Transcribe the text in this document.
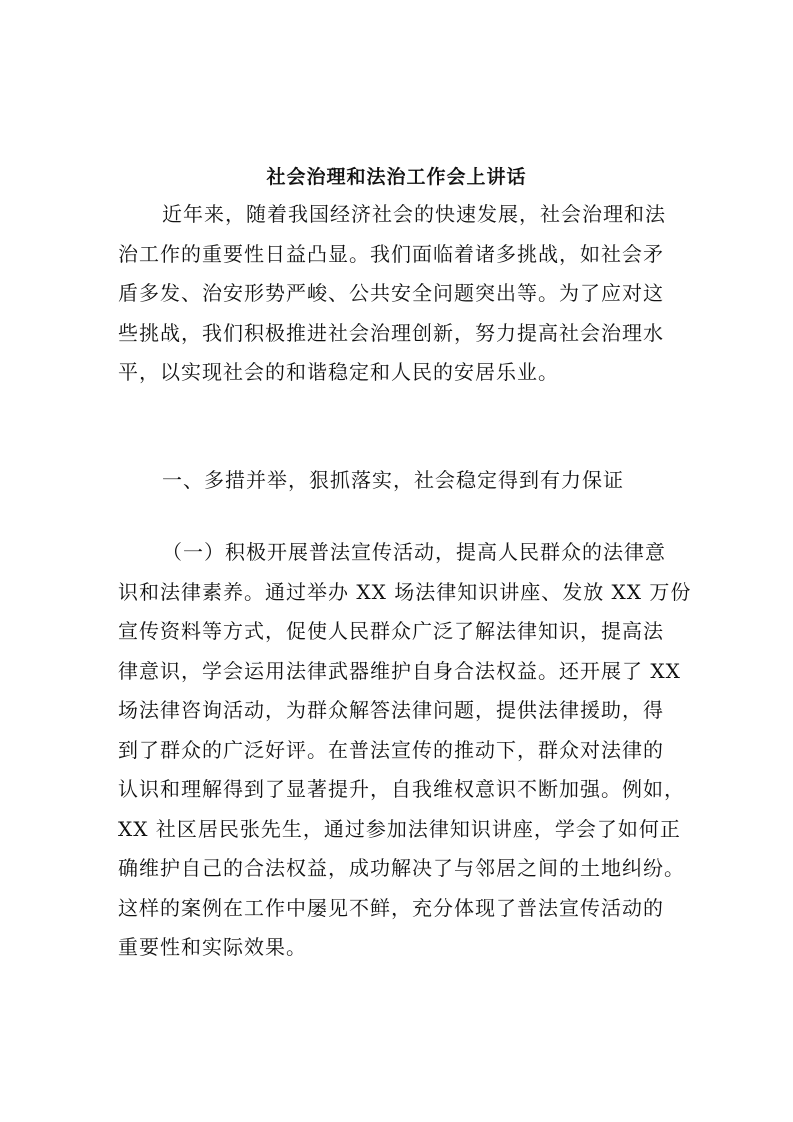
社会治理和法治工作会上讲话
近年来，随着我国经济社会的快速发展，社会治理和法
治工作的重要性日益凸显。我们面临着诸多挑战，如社会矛
盾多发、治安形势严峻、公共安全问题突出等。为了应对这
些挑战，我们积极推进社会治理创新，努力提高社会治理水
平，以实现社会的和谐稳定和人民的安居乐业。
一、多措并举，狠抓落实，社会稳定得到有力保证
（一）积极开展普法宣传活动，提高人民群众的法律意
识和法律素养。通过举办 XX 场法律知识讲座、发放 XX 万份
宣传资料等方式，促使人民群众广泛了解法律知识，提高法
律意识，学会运用法律武器维护自身合法权益。还开展了 XX
场法律咨询活动，为群众解答法律问题，提供法律援助，得
到了群众的广泛好评。在普法宣传的推动下，群众对法律的
认识和理解得到了显著提升，自我维权意识不断加强。例如，
XX 社区居民张先生，通过参加法律知识讲座，学会了如何正
确维护自己的合法权益，成功解决了与邻居之间的土地纠纷。
这样的案例在工作中屡见不鲜，充分体现了普法宣传活动的
重要性和实际效果。
